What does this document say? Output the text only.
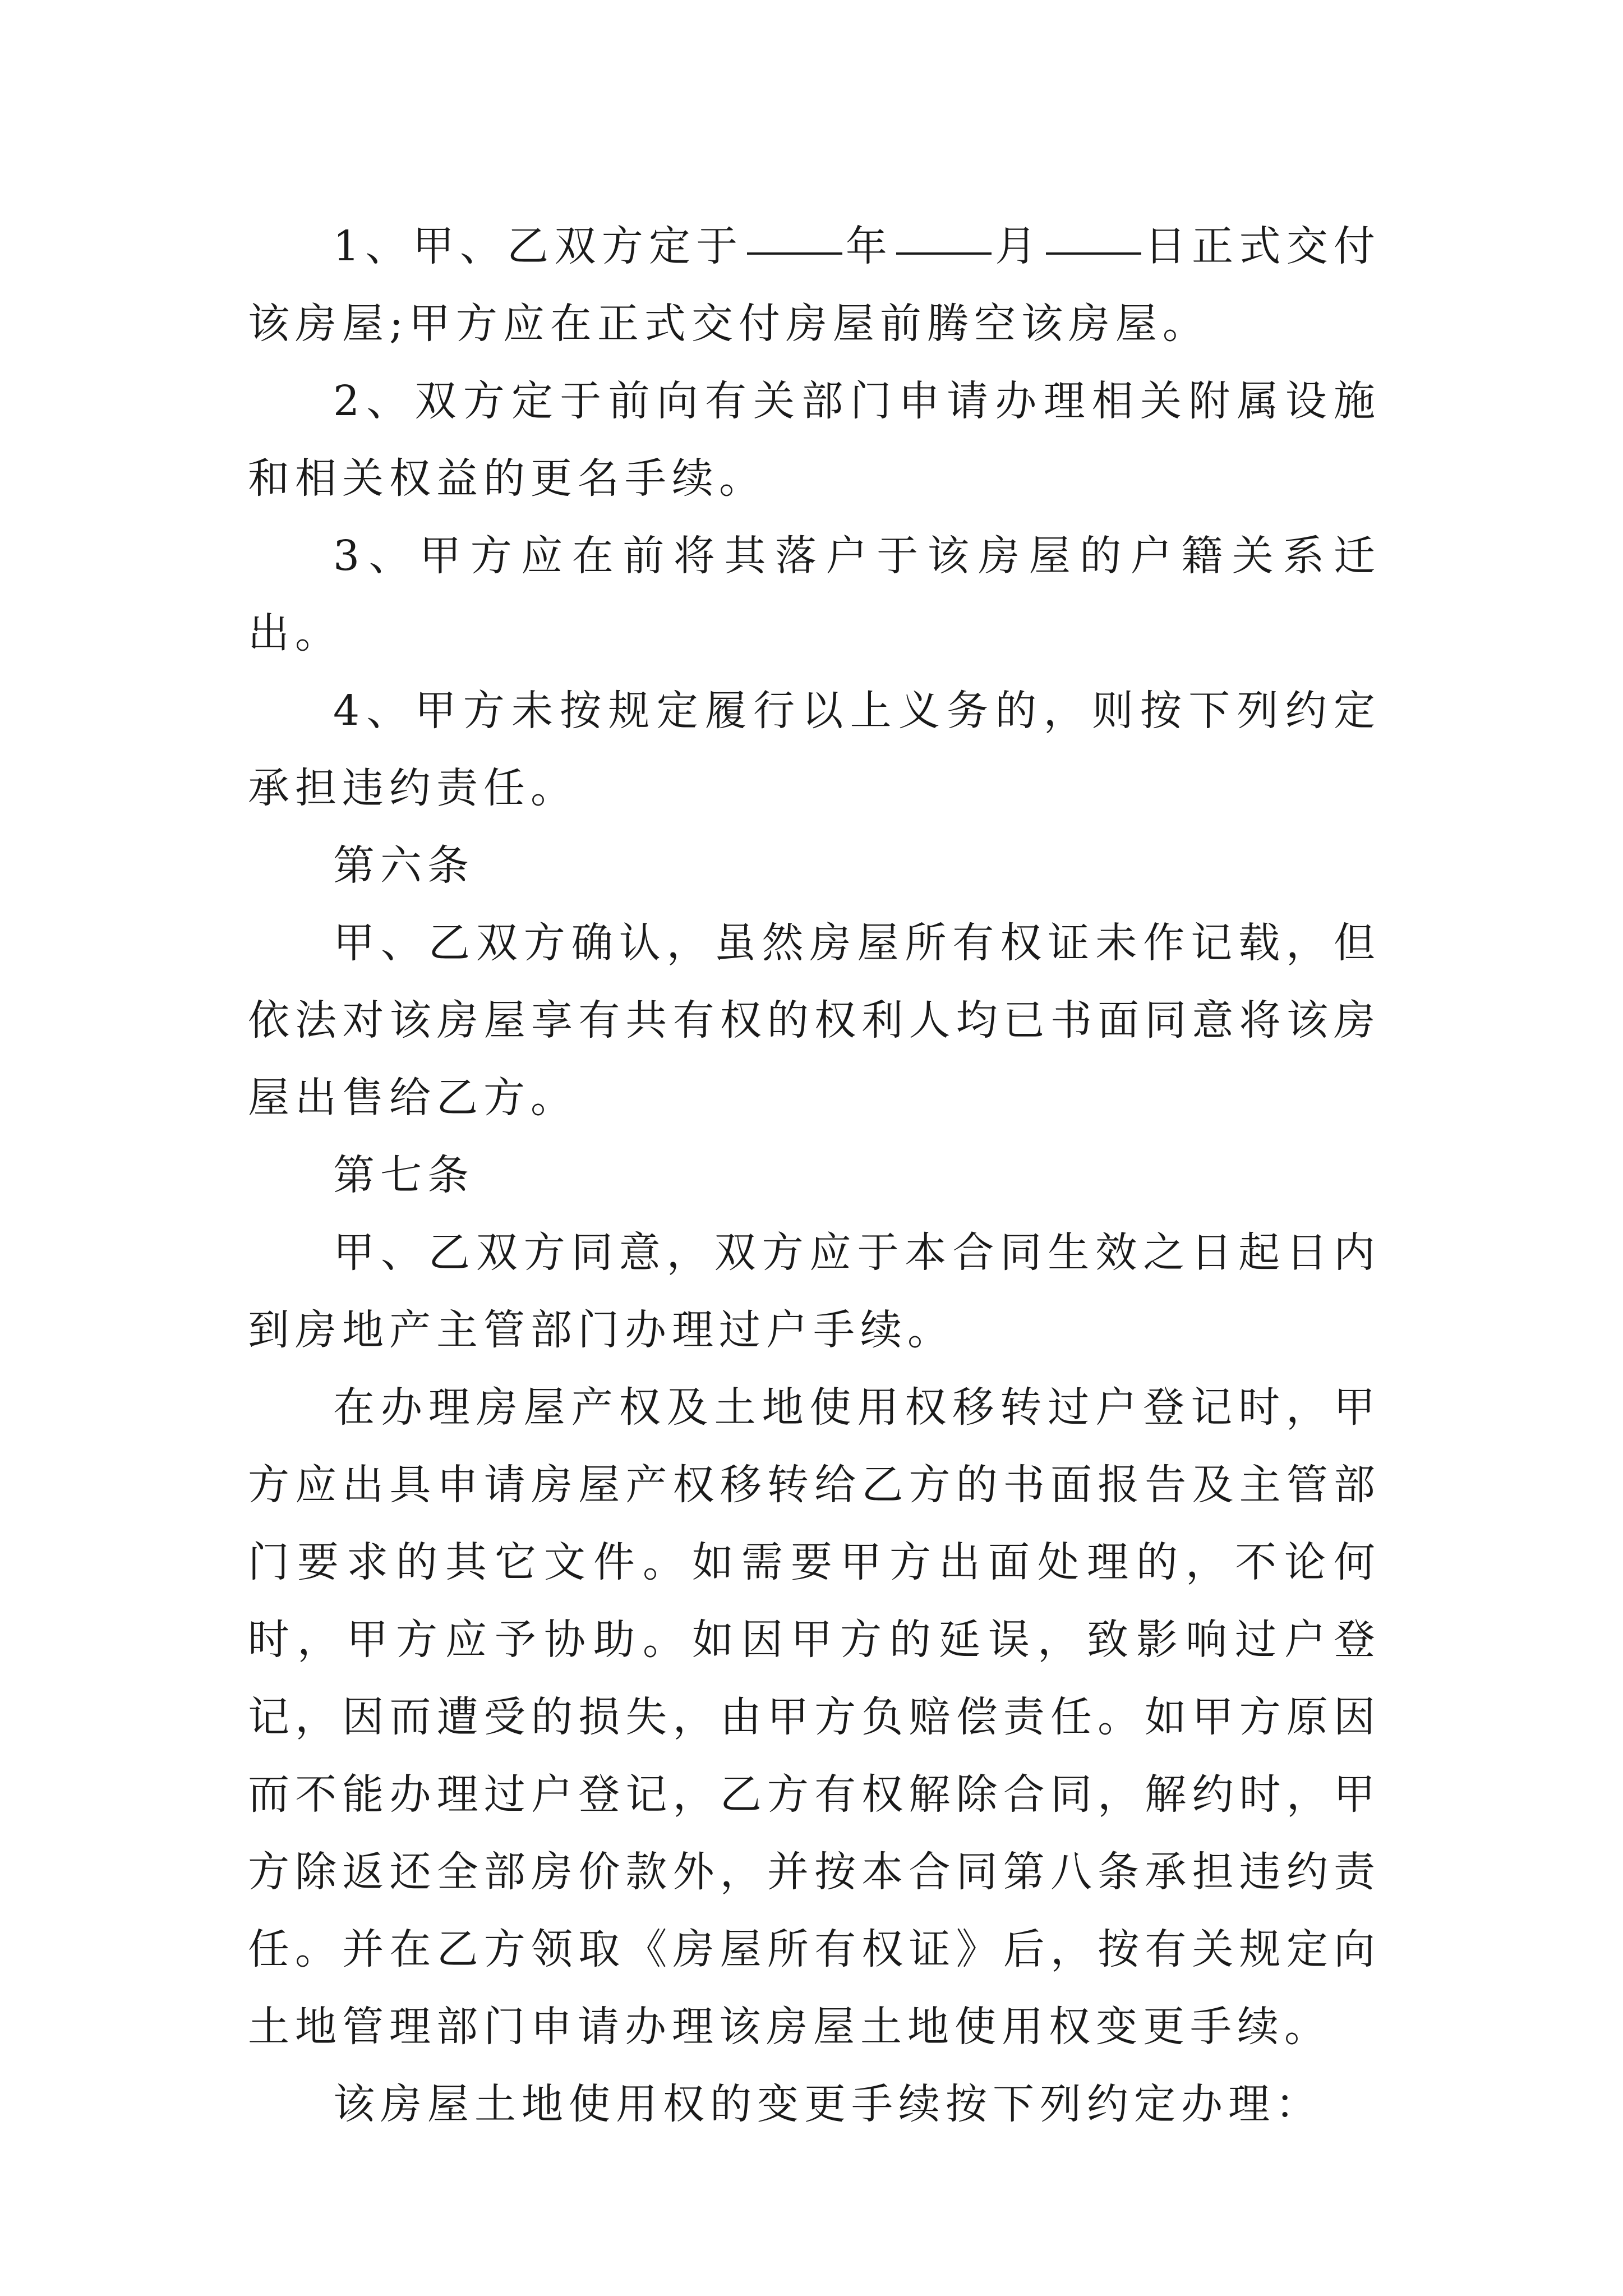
1、甲、乙双方定于 年 月 日正式交付该房屋;甲方应在正式交付房屋前腾空该房屋。

2、双方定于前向有关部门申请办理相关附属设施和相关权益的更名手续。

3、甲方应在前将其落户于该房屋的户籍关系迁出。

4、甲方未按规定履行以上义务的，则按下列约定承担违约责任。

第六条

甲、乙双方确认，虽然房屋所有权证未作记载，但依法对该房屋享有共有权的权利人均已书面同意将该房屋出售给乙方。

第七条

甲、乙双方同意，双方应于本合同生效之日起日内到房地产主管部门办理过户手续。

在办理房屋产权及土地使用权移转过户登记时，甲方应出具申请房屋产权移转给乙方的书面报告及主管部门要求的其它文件。如需要甲方出面处理的，不论何时，甲方应予协助。如因甲方的延误，致影响过户登记，因而遭受的损失，由甲方负赔偿责任。如甲方原因而不能办理过户登记，乙方有权解除合同，解约时，甲方除返还全部房价款外，并按本合同第八条承担违约责任。并在乙方领取《房屋所有权证》后，按有关规定向土地管理部门申请办理该房屋土地使用权变更手续。

该房屋土地使用权的变更手续按下列约定办理：
